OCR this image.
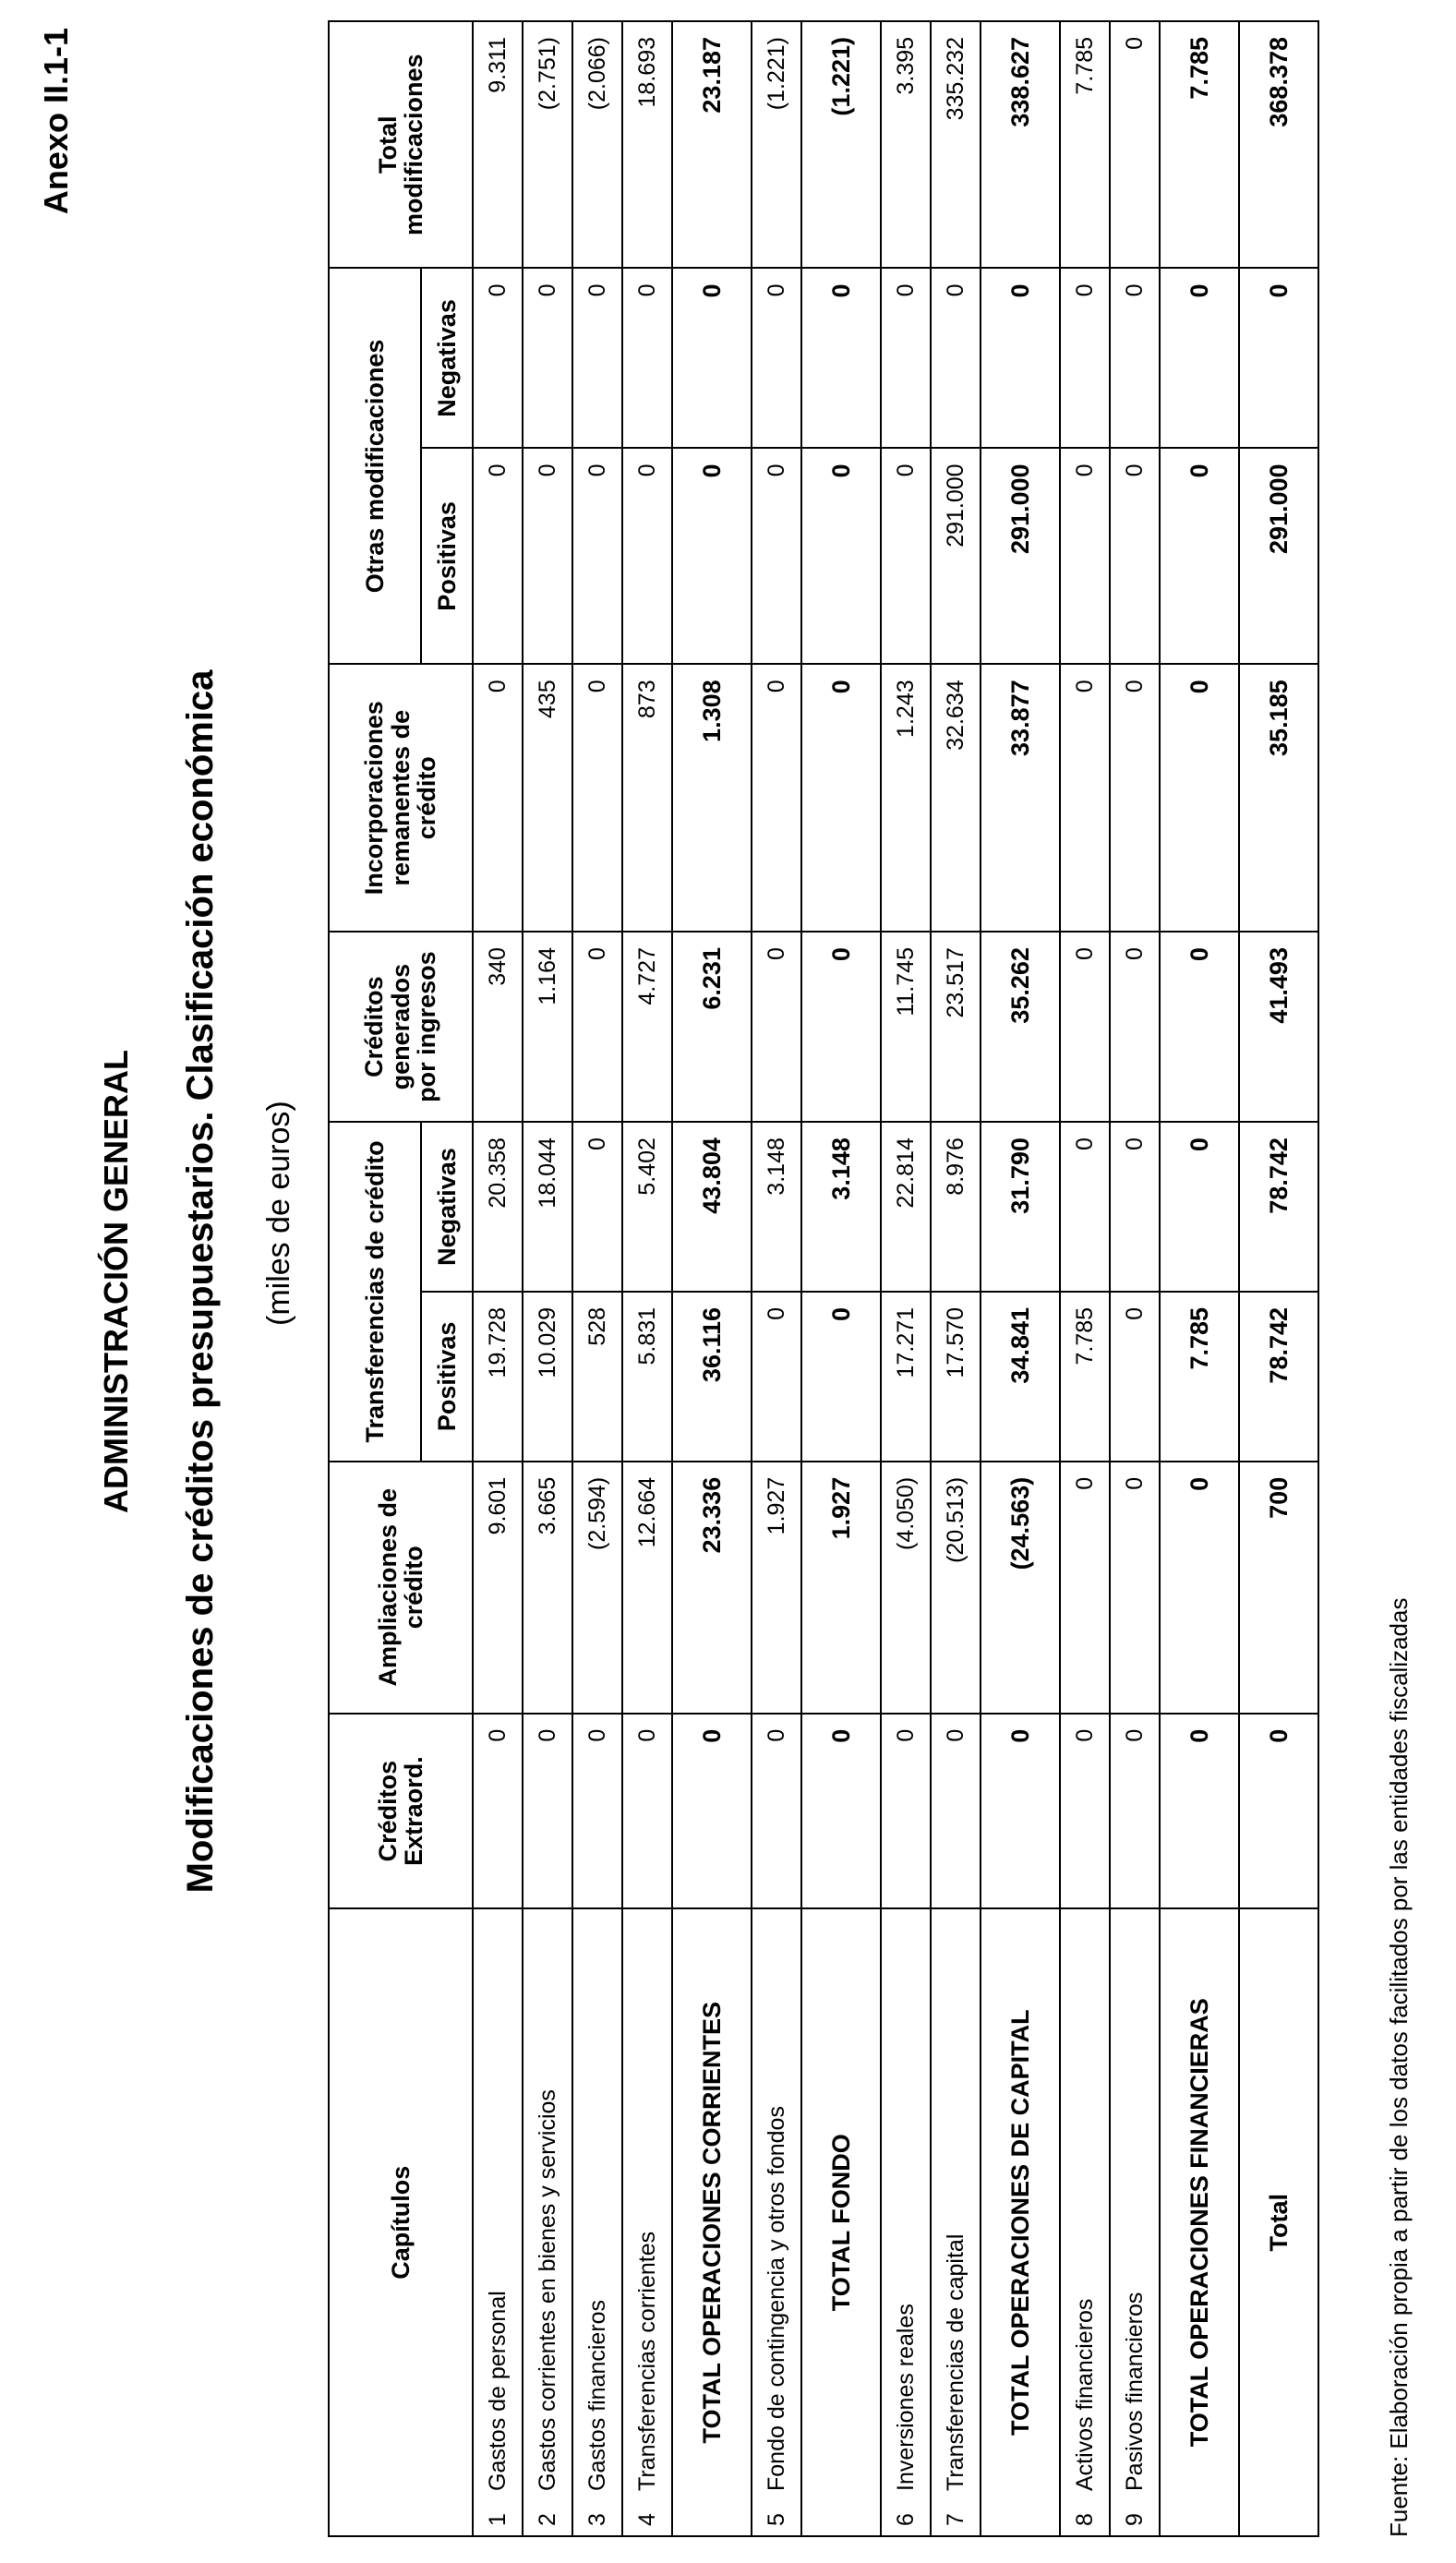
Anexo II.1-1
ADMINISTRACIÓN GENERAL Modificaciones de créditos presupuestarios. Clasificación económica (miles de euros)
Capítulos	Créditos Extraord.	Ampliaciones de crédito	Transferencias de crédito		Créditos generados por ingresos	Incorporaciones remanentes de crédito	Otras modificaciones		Total modificaciones
			Positivas	Negativas			Positivas	Negativas	
1Gastos de personal	0	9.601	19.728	20.358	340	0	0	0	9.311
2Gastos corrientes en bienes y servicios	0	3.665	10.029	18.044	1.164	435	0	0	(2.751)
3Gastos financieros	0	(2.594)	528	0	0	0	0	0	(2.066)
4Transferencias corrientes	0	12.664	5.831	5.402	4.727	873	0	0	18.693
TOTAL OPERACIONES CORRIENTES	0	23.336	36.116	43.804	6.231	1.308	0	0	23.187
5Fondo de contingencia y otros fondos	0	1.927	0	3.148	0	0	0	0	(1.221)
TOTAL FONDO	0	1.927	0	3.148	0	0	0	0	(1.221)
6Inversiones reales	0	(4.050)	17.271	22.814	11.745	1.243	0	0	3.395
7Transferencias de capital	0	(20.513)	17.570	8.976	23.517	32.634	291.000	0	335.232
TOTAL OPERACIONES DE CAPITAL	0	(24.563)	34.841	31.790	35.262	33.877	291.000	0	338.627
8Activos financieros	0	0	7.785	0	0	0	0	0	7.785
9Pasivos financieros	0	0	0	0	0	0	0	0	0
TOTAL OPERACIONES FINANCIERAS	0	0	7.785	0	0	0	0	0	7.785
Total	0	700	78.742	78.742	41.493	35.185	291.000	0	368.378
Fuente: Elaboración propia a partir de los datos facilitados por las entidades fiscalizadas
